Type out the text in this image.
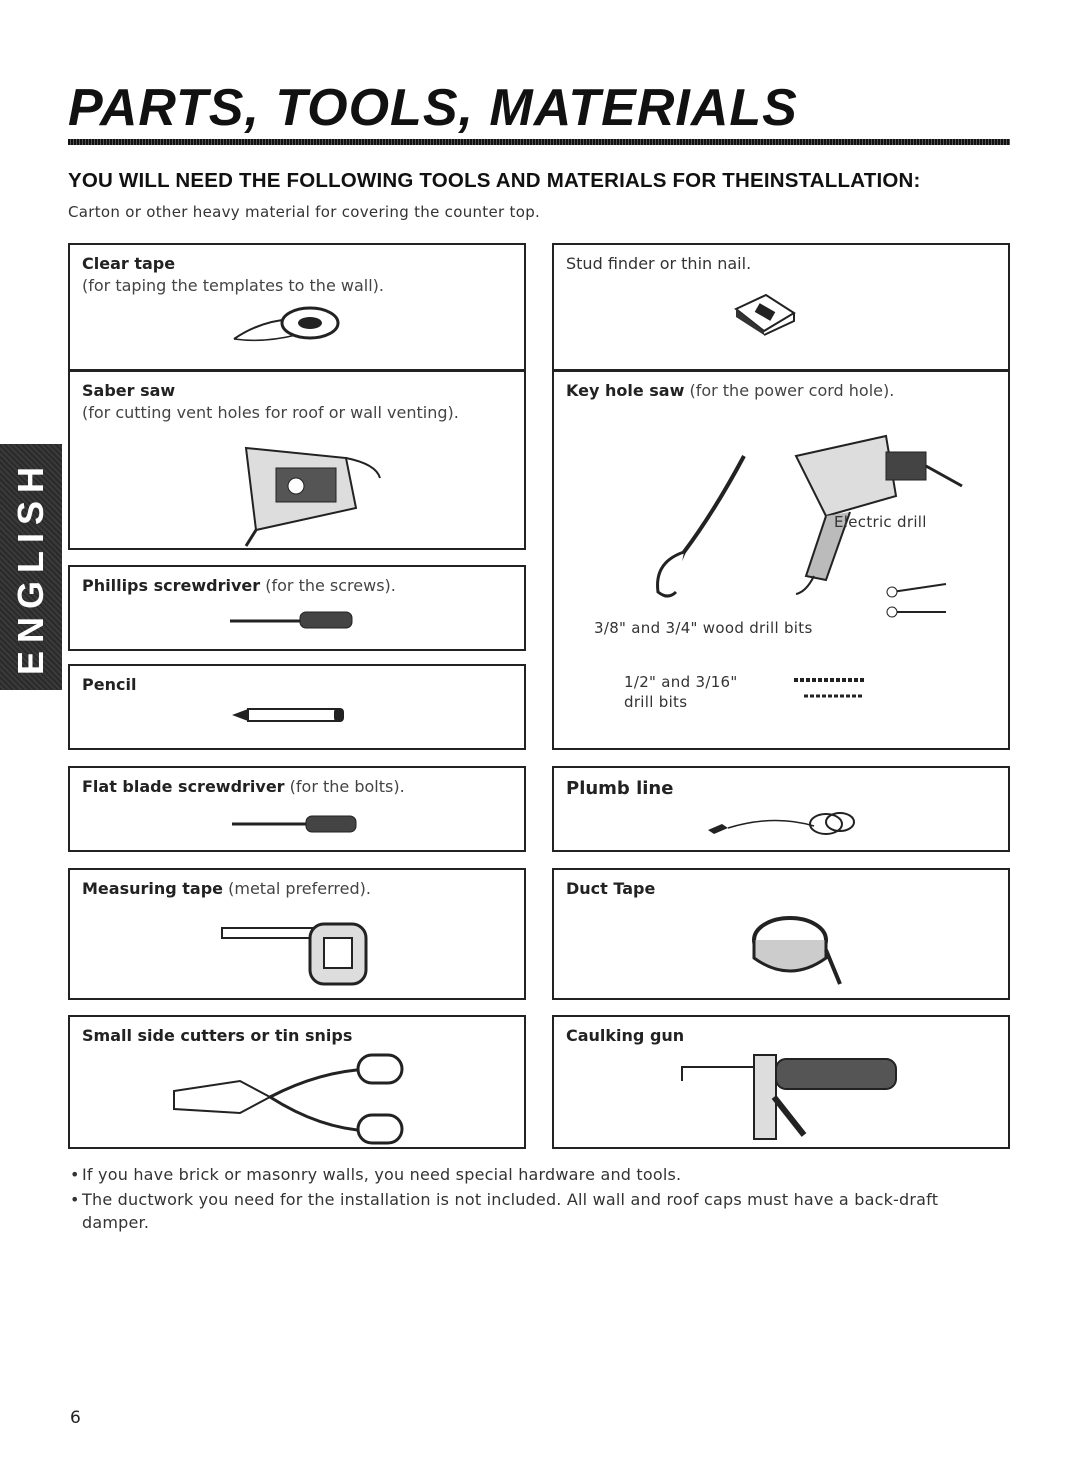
PARTS, TOOLS, MATERIALS
YOU WILL NEED THE FOLLOWING TOOLS AND MATERIALS FOR THEINSTALLATION:

Carton or other heavy material for covering the counter top.

ENGLISH
Clear tape
(for taping the templates to the wall).
Saber saw
(for cutting vent holes for roof or wall venting).
Phillips screwdriver (for the screws).
Pencil
Flat blade screwdriver (for the bolts).
Measuring tape (metal preferred).
Small side cutters or tin snips
Stud finder or thin nail.
Key hole saw (for the power cord hole).
Electric drill
3/8" and 3/4" wood drill bits
1/2" and 3/16"
drill bits
Plumb line
Duct Tape
Caulking gun
• If you have brick or masonry walls, you need special hardware and tools.
• The ductwork you need for the installation is not included. All wall and roof caps must have a back-draft damper.
6
